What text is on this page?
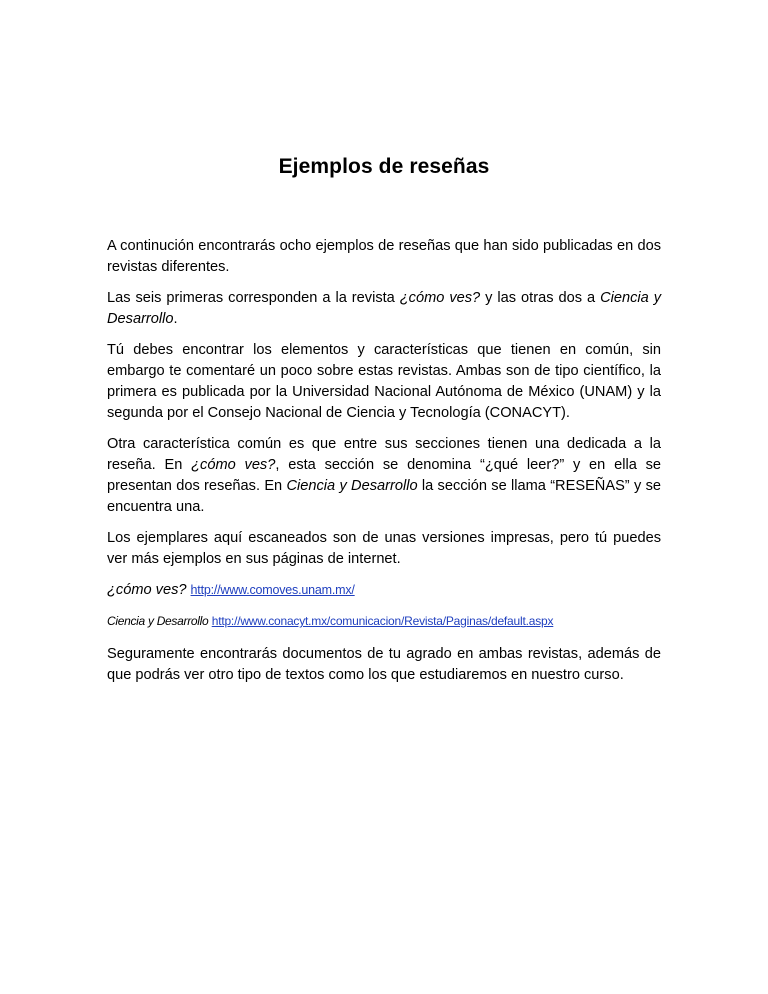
Ejemplos de reseñas

A continución encontrarás ocho ejemplos de reseñas que han sido publicadas en dos revistas diferentes.

Las seis primeras corresponden a la revista ¿cómo ves? y las otras dos a Ciencia y Desarrollo.

Tú debes encontrar los elementos y características que tienen en común, sin embargo te comentaré un poco sobre estas revistas. Ambas son de tipo científico, la primera es publicada por la Universidad Nacional Autónoma de México (UNAM) y la segunda por el Consejo Nacional de Ciencia y Tecnología (CONACYT).

Otra característica común es que entre sus secciones tienen una dedicada a la reseña. En ¿cómo ves?, esta sección se denomina “¿qué leer?” y en ella se presentan dos reseñas. En Ciencia y Desarrollo la sección se llama “RESEÑAS” y se encuentra una.

Los ejemplares aquí escaneados son de unas versiones impresas, pero tú puedes ver más ejemplos en sus páginas de internet.

¿cómo ves? http://www.comoves.unam.mx/
Ciencia y Desarrollo http://www.conacyt.mx/comunicacion/Revista/Paginas/default.aspx

Seguramente encontrarás documentos de tu agrado en ambas revistas, además de que podrás ver otro tipo de textos como los que estudiaremos en nuestro curso.
